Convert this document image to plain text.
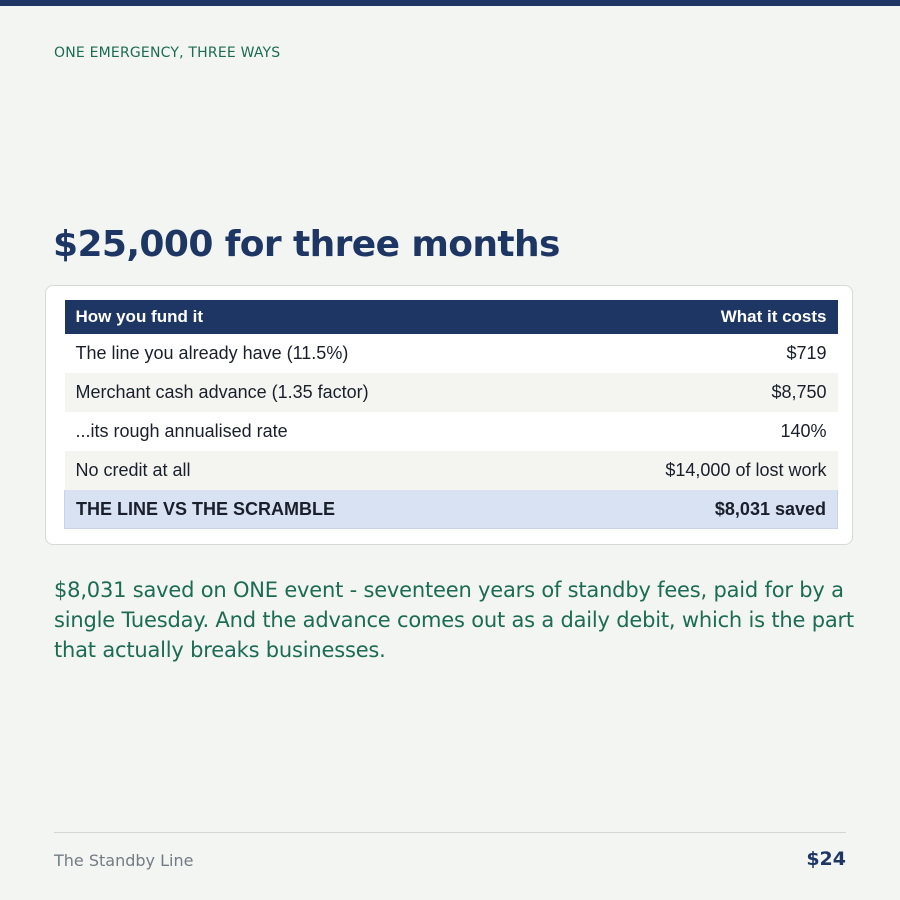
ONE EMERGENCY, THREE WAYS
$25,000 for three months
How you fund it	What it costs
The line you already have (11.5%)	$719
Merchant cash advance (1.35 factor)	$8,750
...its rough annualised rate	140%
No credit at all	$14,000 of lost work
THE LINE VS THE SCRAMBLE	$8,031 saved

$8,031 saved on ONE event - seventeen years of standby fees, paid for by a single Tuesday. And the advance comes out as a daily debit, which is the part that actually breaks businesses.

The Standby Line	$24
